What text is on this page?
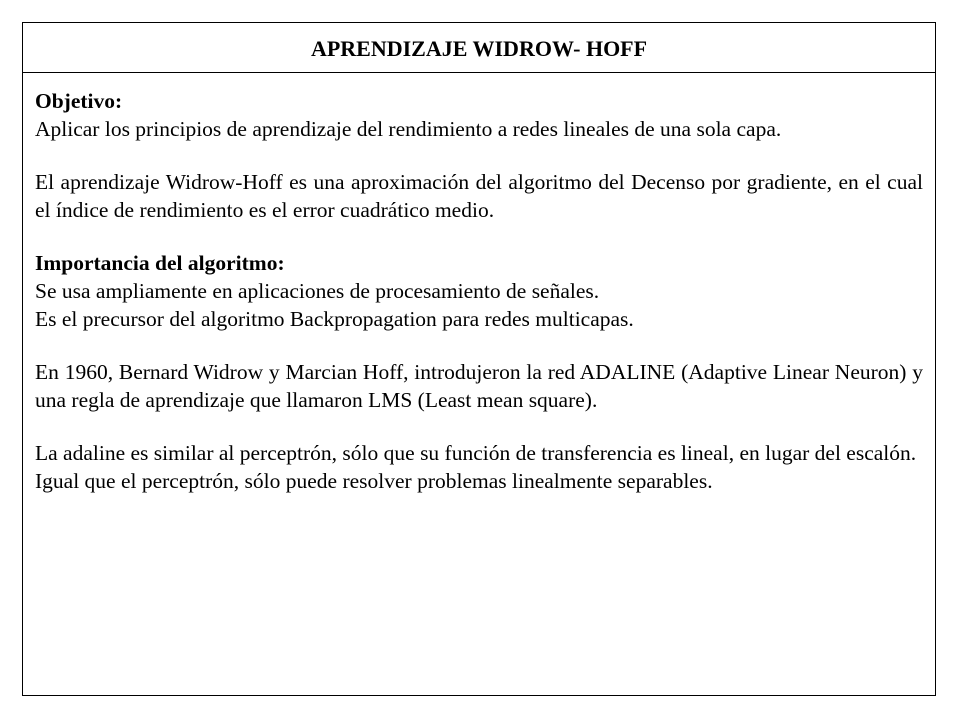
APRENDIZAJE WIDROW- HOFF

Objetivo:

Aplicar los principios de aprendizaje del rendimiento a redes lineales de una sola capa.

El aprendizaje Widrow-Hoff es una aproximación del algoritmo del Decenso por gradiente, en el cual el índice de rendimiento es el error cuadrático medio.

Importancia del algoritmo:

Se usa ampliamente en aplicaciones de procesamiento de señales.

Es el precursor del algoritmo Backpropagation para redes multicapas.

En 1960, Bernard Widrow y Marcian Hoff, introdujeron la red ADALINE (Adaptive Linear Neuron) y una regla de aprendizaje que llamaron LMS (Least mean square).

La adaline es similar al perceptrón, sólo que su función de transferencia es lineal, en lugar del escalón.

Igual que el perceptrón, sólo puede resolver problemas linealmente separables.
